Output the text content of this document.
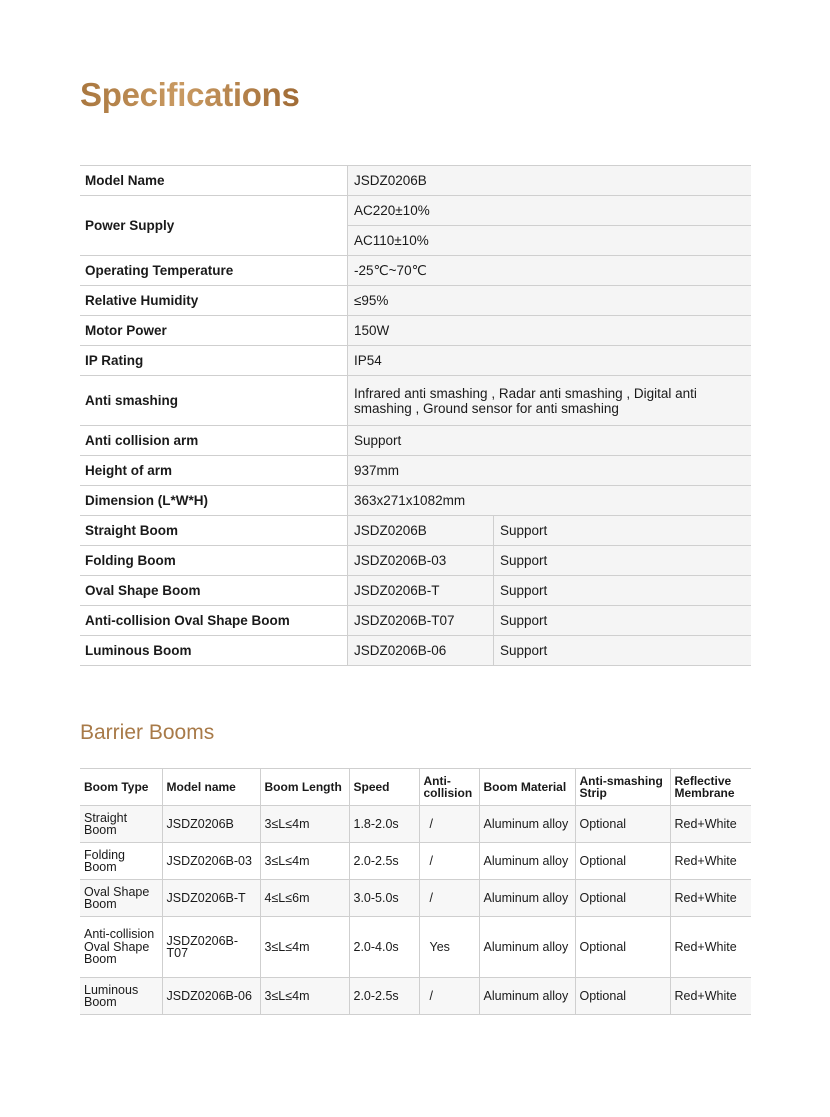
Specifications
Model Name	JSDZ0206B	
Power Supply	AC220±10%	
	AC110±10%	
Operating Temperature	-25℃~70℃	
Relative Humidity	≤95%	
Motor Power	150W	
IP Rating	IP54	
Anti smashing	Infrared anti smashing , Radar anti smashing , Digital anti smashing , Ground sensor for anti smashing	
Anti collision arm	Support	
Height of arm	937mm	
Dimension (L*W*H)	363x271x1082mm	
Straight Boom	JSDZ0206B	Support
Folding Boom	JSDZ0206B-03	Support
Oval Shape Boom	JSDZ0206B-T	Support
Anti-collision Oval Shape Boom	JSDZ0206B-T07	Support
Luminous Boom	JSDZ0206B-06	Support
Barrier Booms
Boom Type	Model name	Boom Length	Speed	Anti-collision	Boom Material	Anti-smashing Strip	Reflective Membrane
Straight Boom	JSDZ0206B	3≤L≤4m	1.8-2.0s	/	Aluminum alloy	Optional	Red+White
Folding Boom	JSDZ0206B-03	3≤L≤4m	2.0-2.5s	/	Aluminum alloy	Optional	Red+White
Oval Shape Boom	JSDZ0206B-T	4≤L≤6m	3.0-5.0s	/	Aluminum alloy	Optional	Red+White
Anti-collision Oval Shape Boom	JSDZ0206B-T07	3≤L≤4m	2.0-4.0s	Yes	Aluminum alloy	Optional	Red+White
Luminous Boom	JSDZ0206B-06	3≤L≤4m	2.0-2.5s	/	Aluminum alloy	Optional	Red+White
